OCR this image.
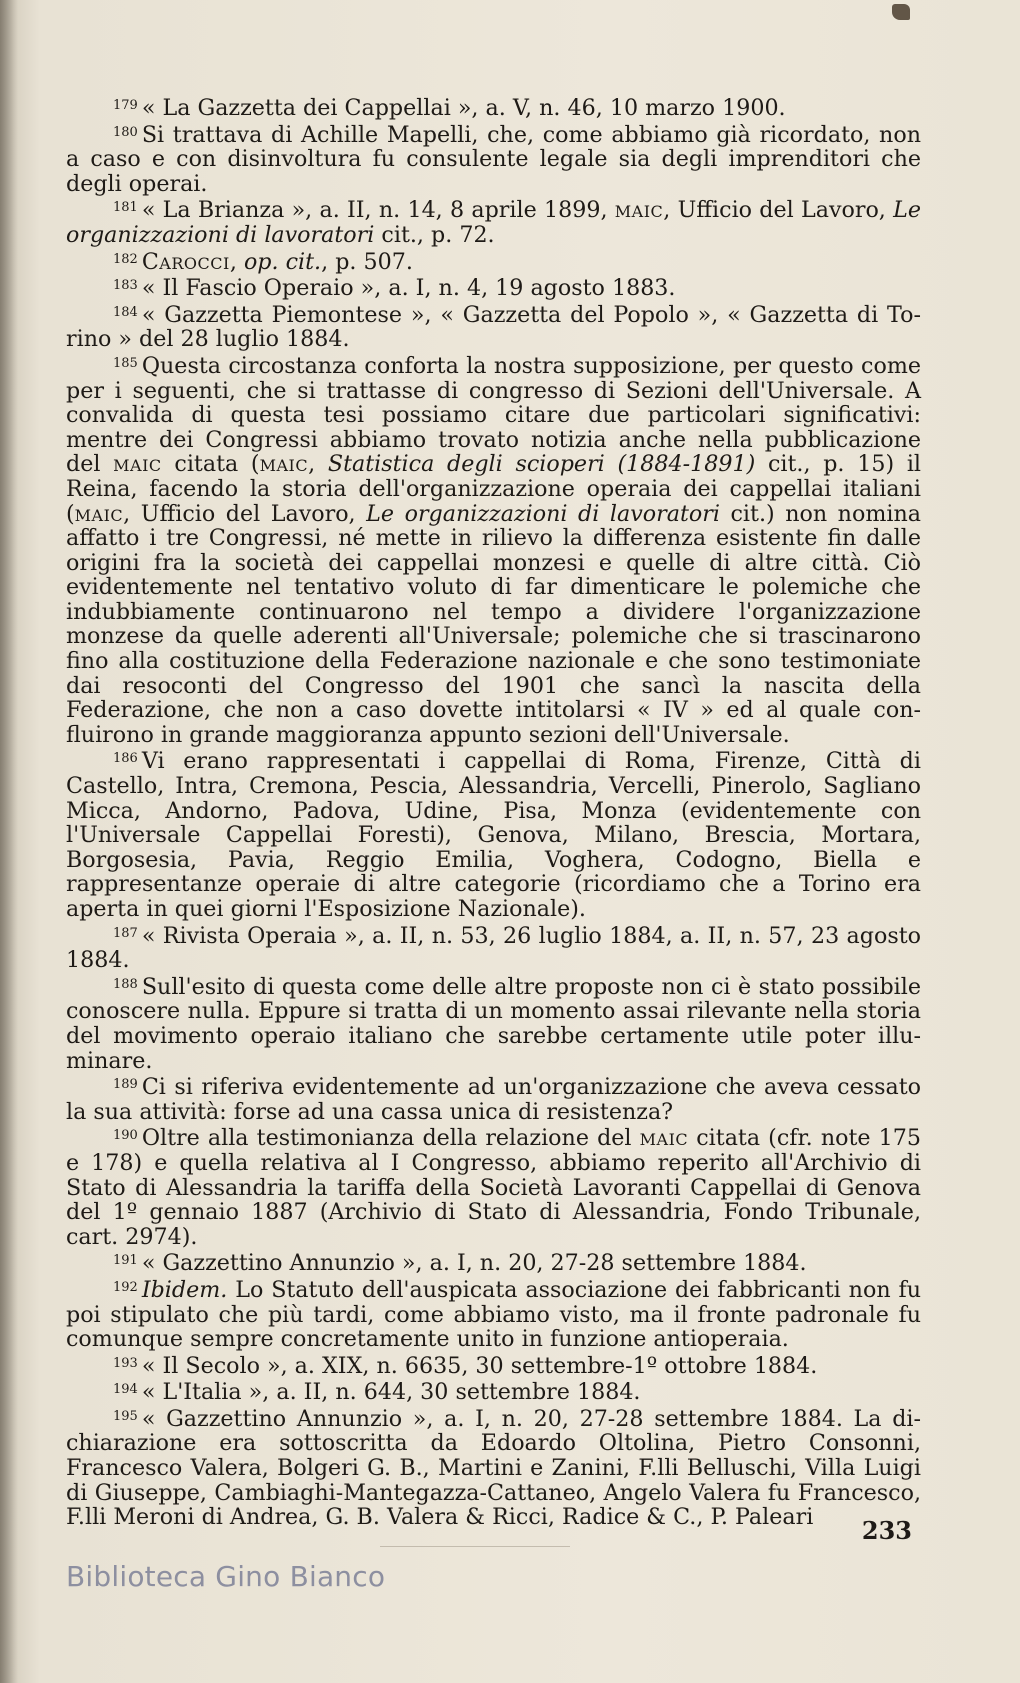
$^{179}$ « La Gazzetta dei Cappellai », a. V, n. 46, 10 marzo 1900.

$^{180}$ Si trattava di Achille Mapelli, che, come abbiamo già ricordato, non a caso e con disinvoltura fu consulente legale sia degli imprenditori che degli operai.

$^{181}$ « La Brianza », a. II, n. 14, 8 aprile 1899, maic, Ufficio del Lavoro, Le organizzazioni di lavoratori cit., p. 72.

$^{182}$ Carocci, op. cit., p. 507.

$^{183}$ « Il Fascio Operaio », a. I, n. 4, 19 agosto 1883.

$^{184}$ « Gazzetta Piemontese », « Gazzetta del Popolo », « Gazzetta di Torino » del 28 luglio 1884.

$^{185}$ Questa circostanza conforta la nostra supposizione, per questo come per i seguenti, che si trattasse di congresso di Sezioni dell'Universale. A convalida di questa tesi possiamo citare due particolari significativi: mentre dei Congressi abbiamo trovato notizia anche nella pubblicazione del maic citata (maic, Statistica degli scioperi (1884-1891) cit., p. 15) il Reina, facendo la storia dell'organizzazione operaia dei cappellai italiani (maic, Ufficio del Lavoro, Le organizzazioni di lavoratori cit.) non nomina affatto i tre Congressi, né mette in rilievo la differenza esistente fin dalle origini fra la società dei cappellai monzesi e quelle di altre città. Ciò evidentemente nel tentativo voluto di far dimenticare le polemiche che indubbiamente continuarono nel tempo a dividere l'organizzazione monzese da quelle aderenti all'Universale; polemiche che si trascinarono fino alla costituzione della Federazione nazionale e che sono testimoniate dai resoconti del Congresso del 1901 che sancì la nascita della Federazione, che non a caso dovette intitolarsi « IV » ed al quale confluirono in grande maggioranza appunto sezioni dell'Universale.

$^{186}$ Vi erano rappresentati i cappellai di Roma, Firenze, Città di Castello, Intra, Cremona, Pescia, Alessandria, Vercelli, Pinerolo, Sagliano Micca, Andorno, Padova, Udine, Pisa, Monza (evidentemente con l'Universale Cappellai Foresti), Genova, Milano, Brescia, Mortara, Borgosesia, Pavia, Reggio Emilia, Voghera, Codogno, Biella e rappresentanze operaie di altre categorie (ricordiamo che a Torino era aperta in quei giorni l'Esposizione Nazionale).

$^{187}$ « Rivista Operaia », a. II, n. 53, 26 luglio 1884, a. II, n. 57, 23 agosto 1884.

$^{188}$ Sull'esito di questa come delle altre proposte non ci è stato possibile conoscere nulla. Eppure si tratta di un momento assai rilevante nella storia del movimento operaio italiano che sarebbe certamente utile poter illuminare.

$^{189}$ Ci si riferiva evidentemente ad un'organizzazione che aveva cessato la sua attività: forse ad una cassa unica di resistenza?

$^{190}$ Oltre alla testimonianza della relazione del maic citata (cfr. note 175 e 178) e quella relativa al I Congresso, abbiamo reperito all'Archivio di Stato di Alessandria la tariffa della Società Lavoranti Cappellai di Genova del 1º gennaio 1887 (Archivio di Stato di Alessandria, Fondo Tribunale, cart. 2974).

$^{191}$ « Gazzettino Annunzio », a. I, n. 20, 27-28 settembre 1884.

$^{192}$ Ibidem. Lo Statuto dell'auspicata associazione dei fabbricanti non fu poi stipulato che più tardi, come abbiamo visto, ma il fronte padronale fu comunque sempre concretamente unito in funzione antioperaia.

$^{193}$ « Il Secolo », a. XIX, n. 6635, 30 settembre-1º ottobre 1884.

$^{194}$ « L'Italia », a. II, n. 644, 30 settembre 1884.

$^{195}$ « Gazzettino Annunzio », a. I, n. 20, 27-28 settembre 1884. La dichiarazione era sottoscritta da Edoardo Oltolina, Pietro Consonni, Francesco Valera, Bolgeri G. B., Martini e Zanini, F.lli Belluschi, Villa Luigi di Giuseppe, Cambiaghi-Mantegazza-Cattaneo, Angelo Valera fu Francesco, F.lli Meroni di Andrea, G. B. Valera & Ricci, Radice & C., P. Paleari	233
Biblioteca Gino Bianco
